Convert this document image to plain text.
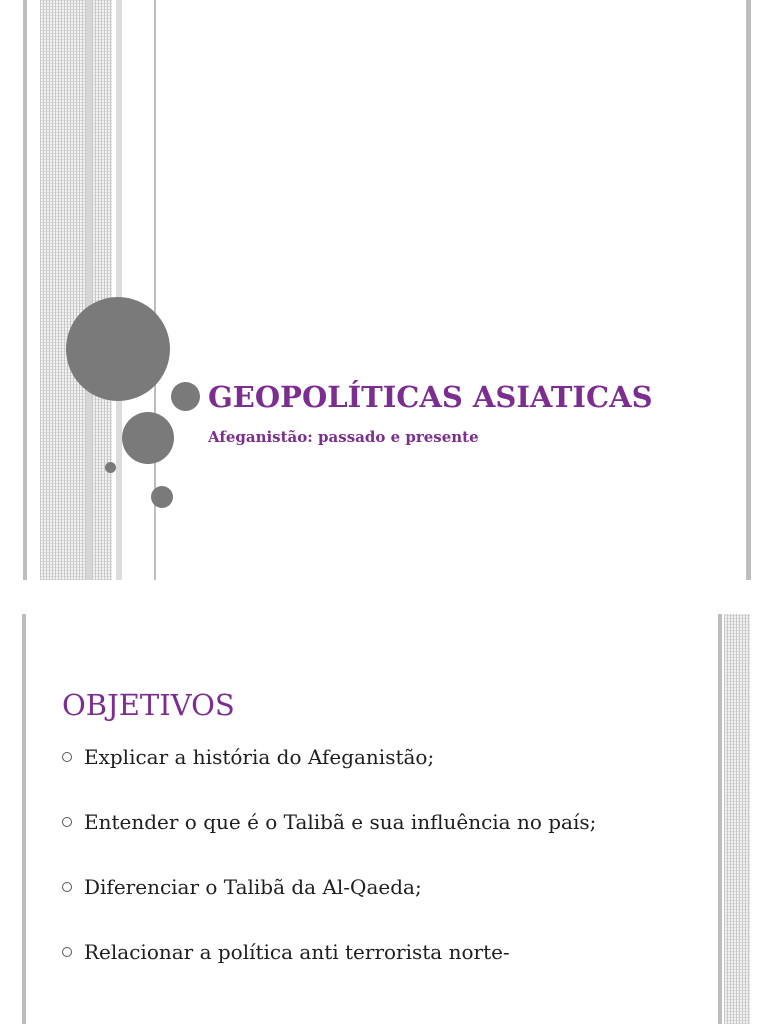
GEOPOLÍTICAS ASIATICAS

Afeganistão: passado e presente

OBJETIVOS
Explicar a história do Afeganistão;
Entender o que é o Talibã e sua influência no país;
Diferenciar o Talibã da Al-Qaeda;
Relacionar a política anti terrorista norte-
